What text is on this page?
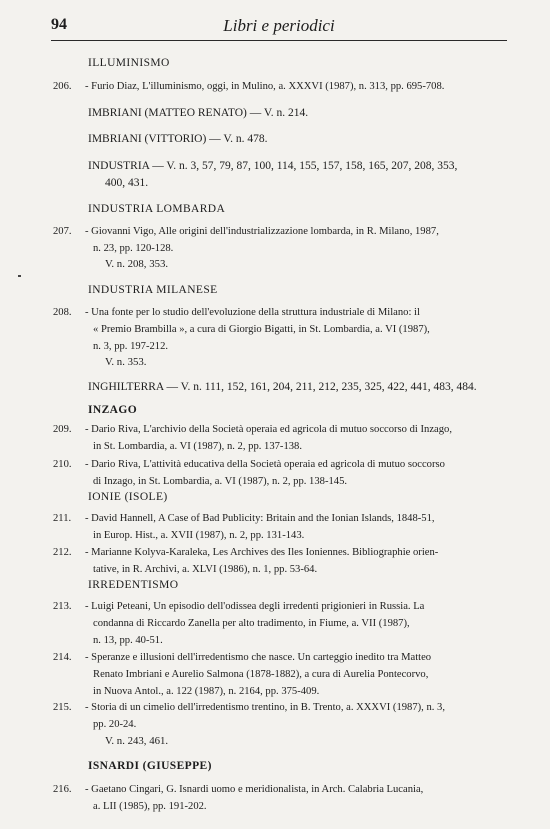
94	Libri e periodici
ILLUMINISMO
206.	- Furio Diaz, L'illuminismo, oggi, in Mulino, a. XXXVI (1987), n. 313, pp. 695-708.
IMBRIANI (MATTEO RENATO) — V. n. 214.
IMBRIANI (VITTORIO) — V. n. 478.
INDUSTRIA — V. n. 3, 57, 79, 87, 100, 114, 155, 157, 158, 165, 207, 208, 353,
400, 431.
INDUSTRIA LOMBARDA
207.	- Giovanni Vigo, Alle origini dell'industrializzazione lombarda, in R. Milano, 1987,
n. 23, pp. 120-128.
V. n. 208, 353.
INDUSTRIA MILANESE
208.	- Una fonte per lo studio dell'evoluzione della struttura industriale di Milano: il
« Premio Brambilla », a cura di Giorgio Bigatti, in St. Lombardia, a. VI (1987),
n. 3, pp. 197-212.
V. n. 353.
INGHILTERRA — V. n. 111, 152, 161, 204, 211, 212, 235, 325, 422, 441, 483, 484.
INZAGO
209.	- Dario Riva, L'archivio della Società operaia ed agricola di mutuo soccorso di Inzago,
in St. Lombardia, a. VI (1987), n. 2, pp. 137-138.
210.	- Dario Riva, L'attività educativa della Società operaia ed agricola di mutuo soccorso
di Inzago, in St. Lombardia, a. VI (1987), n. 2, pp. 138-145.
IONIE (ISOLE)
211.	- David Hannell, A Case of Bad Publicity: Britain and the Ionian Islands, 1848-51,
in Europ. Hist., a. XVII (1987), n. 2, pp. 131-143.
212.	- Marianne Kolyva-Karaleka, Les Archives des Iles Ioniennes. Bibliographie orien-
tative, in R. Archivi, a. XLVI (1986), n. 1, pp. 53-64.
IRREDENTISMO
213.	- Luigi Peteani, Un episodio dell'odissea degli irredenti prigionieri in Russia. La
condanna di Riccardo Zanella per alto tradimento, in Fiume, a. VII (1987),
n. 13, pp. 40-51.
214.	- Speranze e illusioni dell'irredentismo che nasce. Un carteggio inedito tra Matteo
Renato Imbriani e Aurelio Salmona (1878-1882), a cura di Aurelia Pontecorvo,
in Nuova Antol., a. 122 (1987), n. 2164, pp. 375-409.
215.	- Storia di un cimelio dell'irredentismo trentino, in B. Trento, a. XXXVI (1987), n. 3,
pp. 20-24.
V. n. 243, 461.
ISNARDI (GIUSEPPE)
216.	- Gaetano Cingari, G. Isnardi uomo e meridionalista, in Arch. Calabria Lucania,
a. LII (1985), pp. 191-202.
